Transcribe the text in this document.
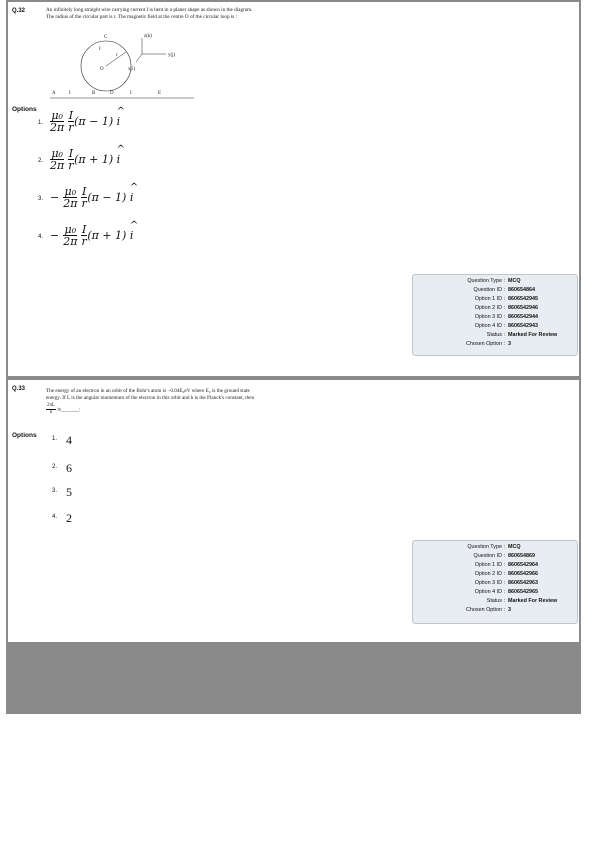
Q.32	An infinitely long straight wire carrying current I is bent in a planer shape as shown in the diagram.
The radius of the circular part is r. The magnetic field at the centre O of the circular loop is :
A	I	B	D	I	E
C
I
r
O
z(k)
y(j)
x(i)
Options
1. $\frac{\text{μ₀}}{2\pi}$
$\frac{I}{r} (\pi - 1)$ ^ i
2. $\frac{\text{μ₀}}{2\pi}$
$\frac{I}{r} (\pi + 1)$ ^ i
3. − $\frac{\text{μ₀}}{2\pi}$
$\frac{I}{r} (\pi - 1)$ ^ i
4. − $\frac{\text{μ₀}}{2\pi}$
$\frac{I}{r} (\pi + 1)$ ^ i
Question Type : MCQ
Question ID : 860654864
Option 1 ID : 8606542945
Option 2 ID : 8606542946
Option 3 ID : 8606542944
Option 4 ID : 8606542943
Status : Marked For Review
Chosen Option : 3
Q.33	The energy of an electron in an orbit of the Bohr's atom is −0.04E₀eV where E₀ is the ground state
energy. If L is the angular momentum of the electron in this orbit and h is the Planck's constant, then
$\frac{2\pi L}{h}$ is_______:
Options	1. 4
2. 6
3. 5
4. 2
Question Type : MCQ
Question ID : 860654869
Option 1 ID : 8606542964
Option 2 ID : 8606542966
Option 3 ID : 8606542963
Option 4 ID : 8606542965
Status : Marked For Review
Chosen Option : 3
